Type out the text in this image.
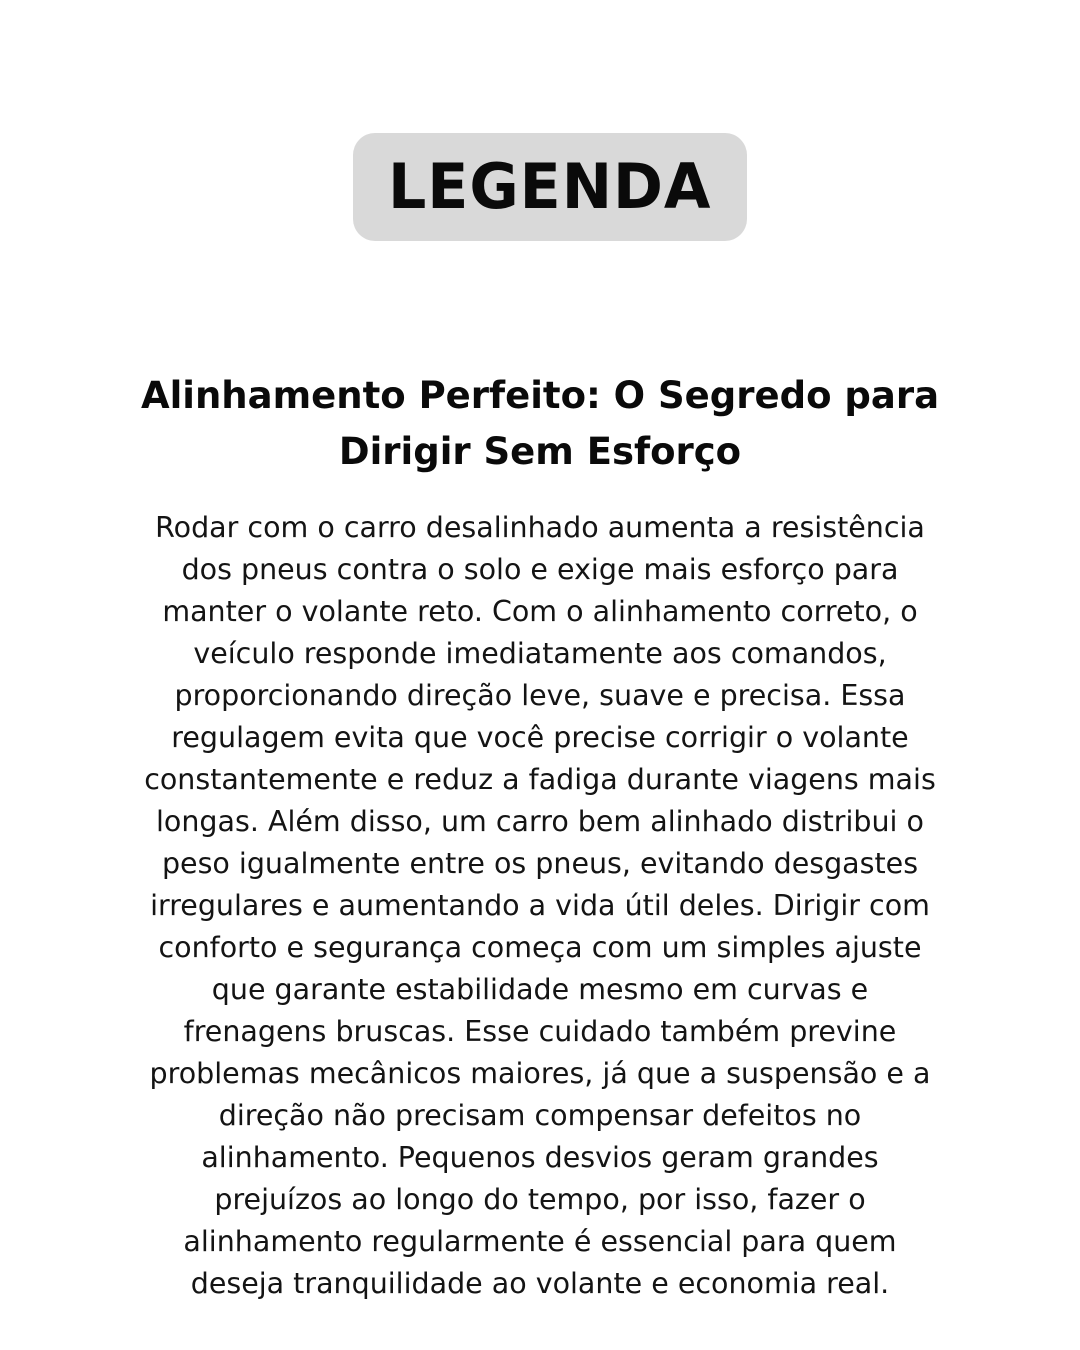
LEGENDA
Alinhamento Perfeito: O Segredo para
Dirigir Sem Esforço

Rodar com o carro desalinhado aumenta a resistência
dos pneus contra o solo e exige mais esforço para
manter o volante reto. Com o alinhamento correto, o
veículo responde imediatamente aos comandos,
proporcionando direção leve, suave e precisa. Essa
regulagem evita que você precise corrigir o volante
constantemente e reduz a fadiga durante viagens mais
longas. Além disso, um carro bem alinhado distribui o
peso igualmente entre os pneus, evitando desgastes
irregulares e aumentando a vida útil deles. Dirigir com
conforto e segurança começa com um simples ajuste
que garante estabilidade mesmo em curvas e
frenagens bruscas. Esse cuidado também previne
problemas mecânicos maiores, já que a suspensão e a
direção não precisam compensar defeitos no
alinhamento. Pequenos desvios geram grandes
prejuízos ao longo do tempo, por isso, fazer o
alinhamento regularmente é essencial para quem
deseja tranquilidade ao volante e economia real.
